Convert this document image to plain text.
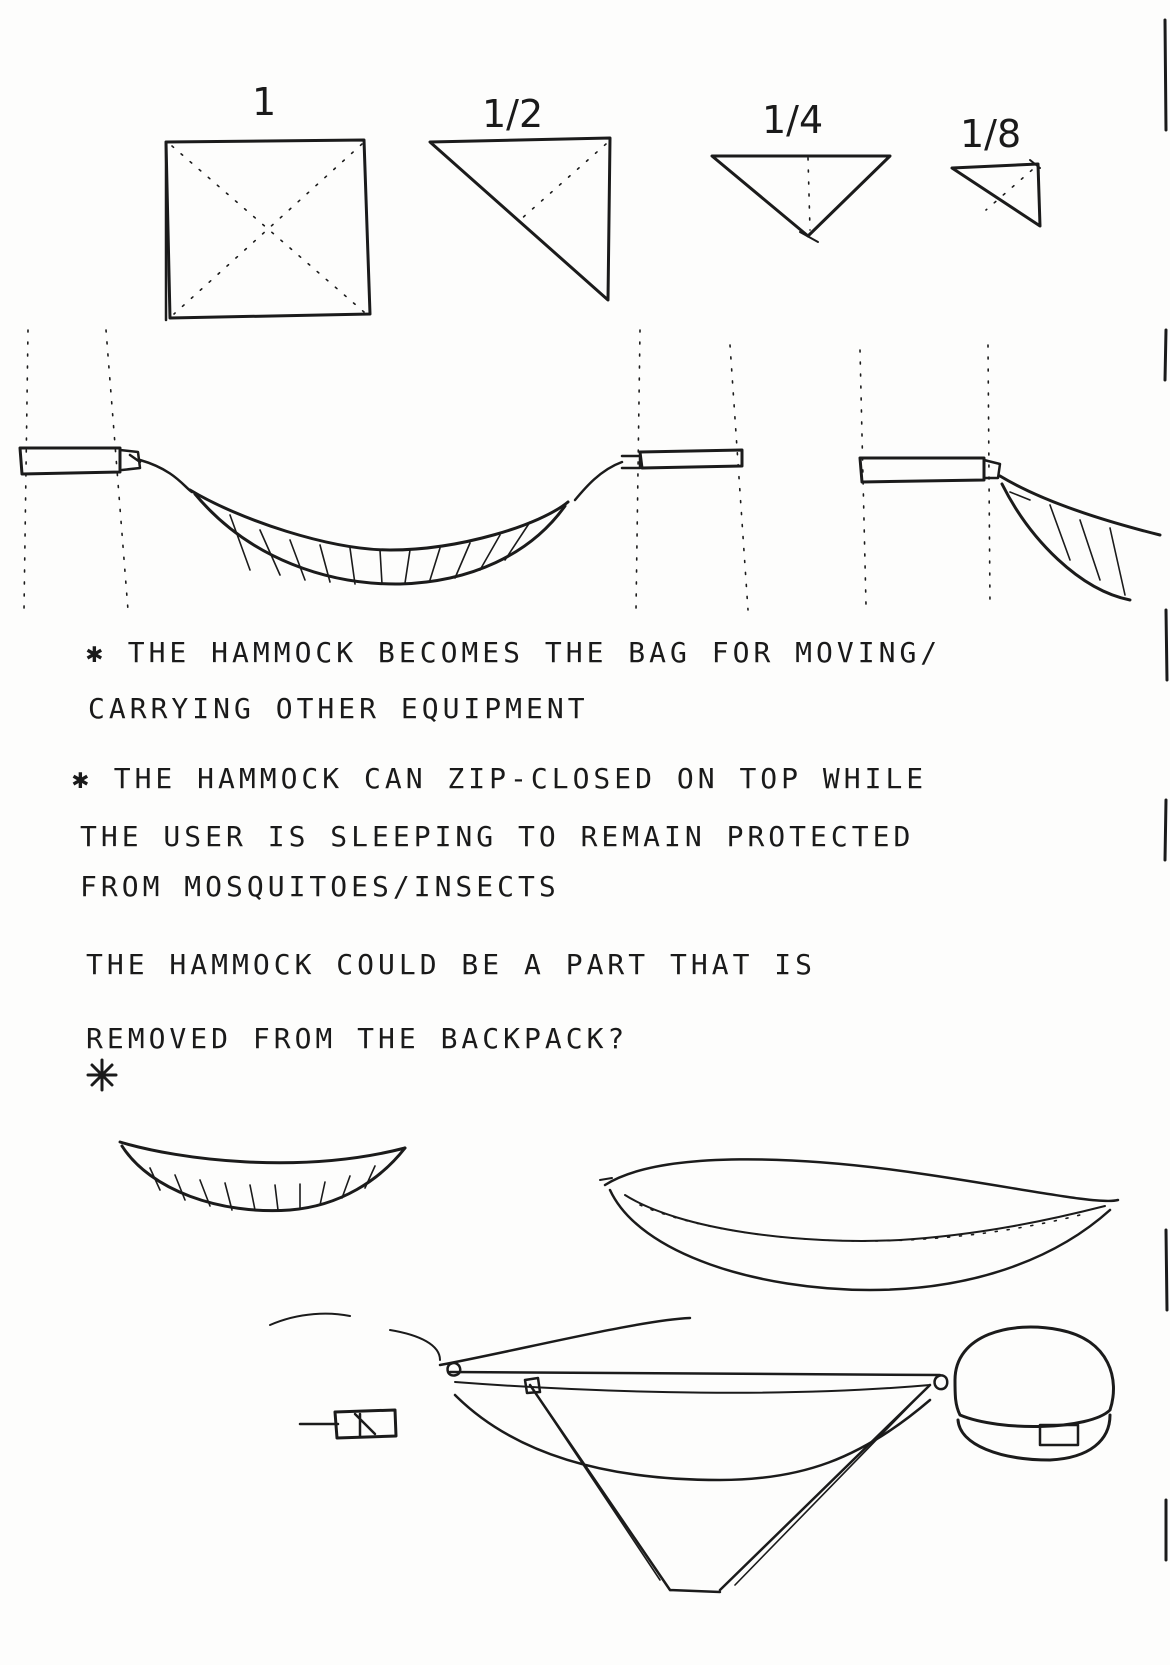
1	1/2	1/4	1/8
✱ THE HAMMOCK BECOMES THE BAG FOR MOVING/
CARRYING OTHER EQUIPMENT
✱ THE HAMMOCK CAN ZIP-CLOSED ON TOP WHILE
THE USER IS SLEEPING TO REMAIN PROTECTED
FROM MOSQUITOES/INSECTS
THE HAMMOCK COULD BE A PART THAT IS
REMOVED FROM THE BACKPACK?
